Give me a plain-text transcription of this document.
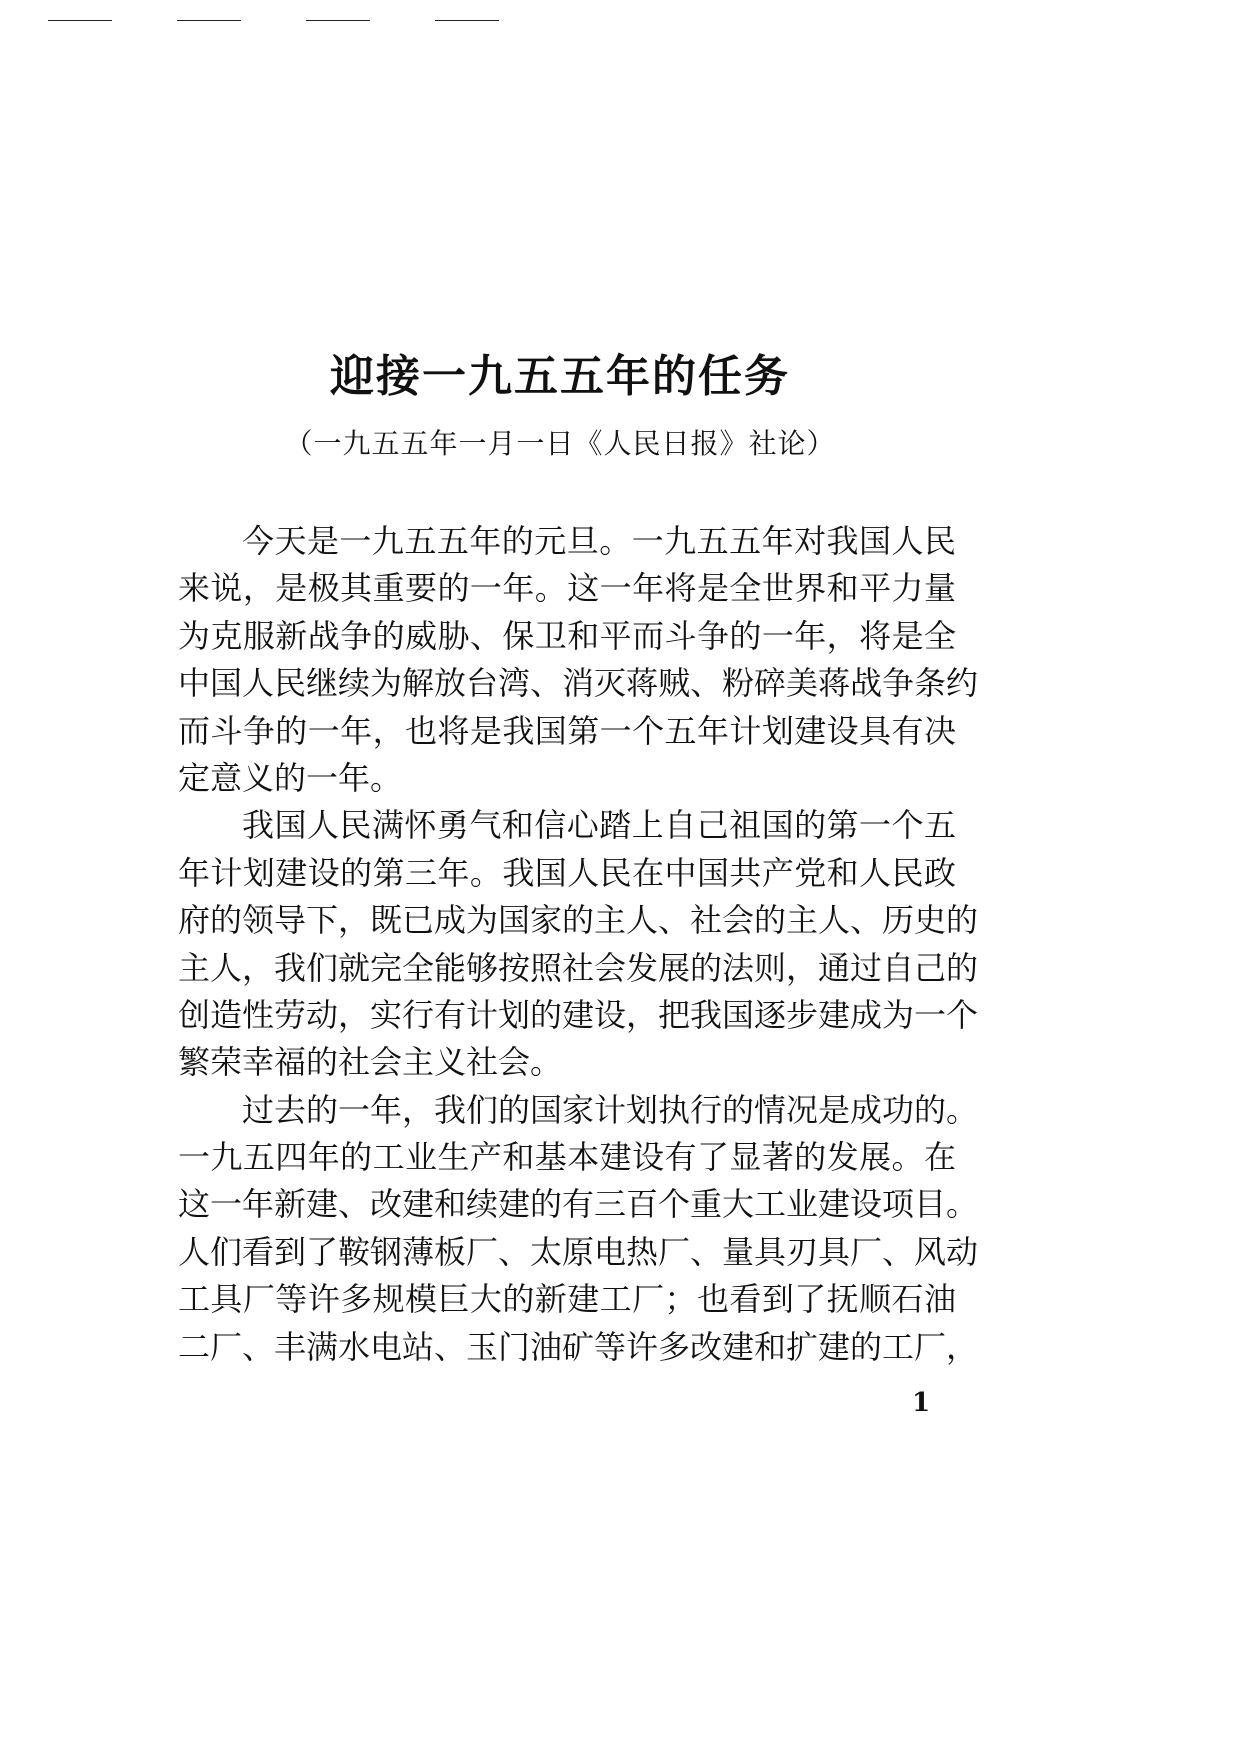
迎接一九五五年的任务
（一九五五年一月一日《人民日报》社论）
今天是一九五五年的元旦。一九五五年对我国人民
来说，是极其重要的一年。这一年将是全世界和平力量
为克服新战争的威胁、保卫和平而斗争的一年，将是全
中国人民继续为解放台湾、消灭蒋贼、粉碎美蒋战争条约
而斗争的一年，也将是我国第一个五年计划建设具有决
定意义的一年。
我国人民满怀勇气和信心踏上自己祖国的第一个五
年计划建设的第三年。我国人民在中国共产党和人民政
府的领导下，既已成为国家的主人、社会的主人、历史的
主人，我们就完全能够按照社会发展的法则，通过自己的
创造性劳动，实行有计划的建设，把我国逐步建成为一个
繁荣幸福的社会主义社会。
过去的一年，我们的国家计划执行的情况是成功的。
一九五四年的工业生产和基本建设有了显著的发展。在
这一年新建、改建和续建的有三百个重大工业建设项目。
人们看到了鞍钢薄板厂、太原电热厂、量具刃具厂、风动
工具厂等许多规模巨大的新建工厂；也看到了抚顺石油
二厂、丰满水电站、玉门油矿等许多改建和扩建的工厂，
1
